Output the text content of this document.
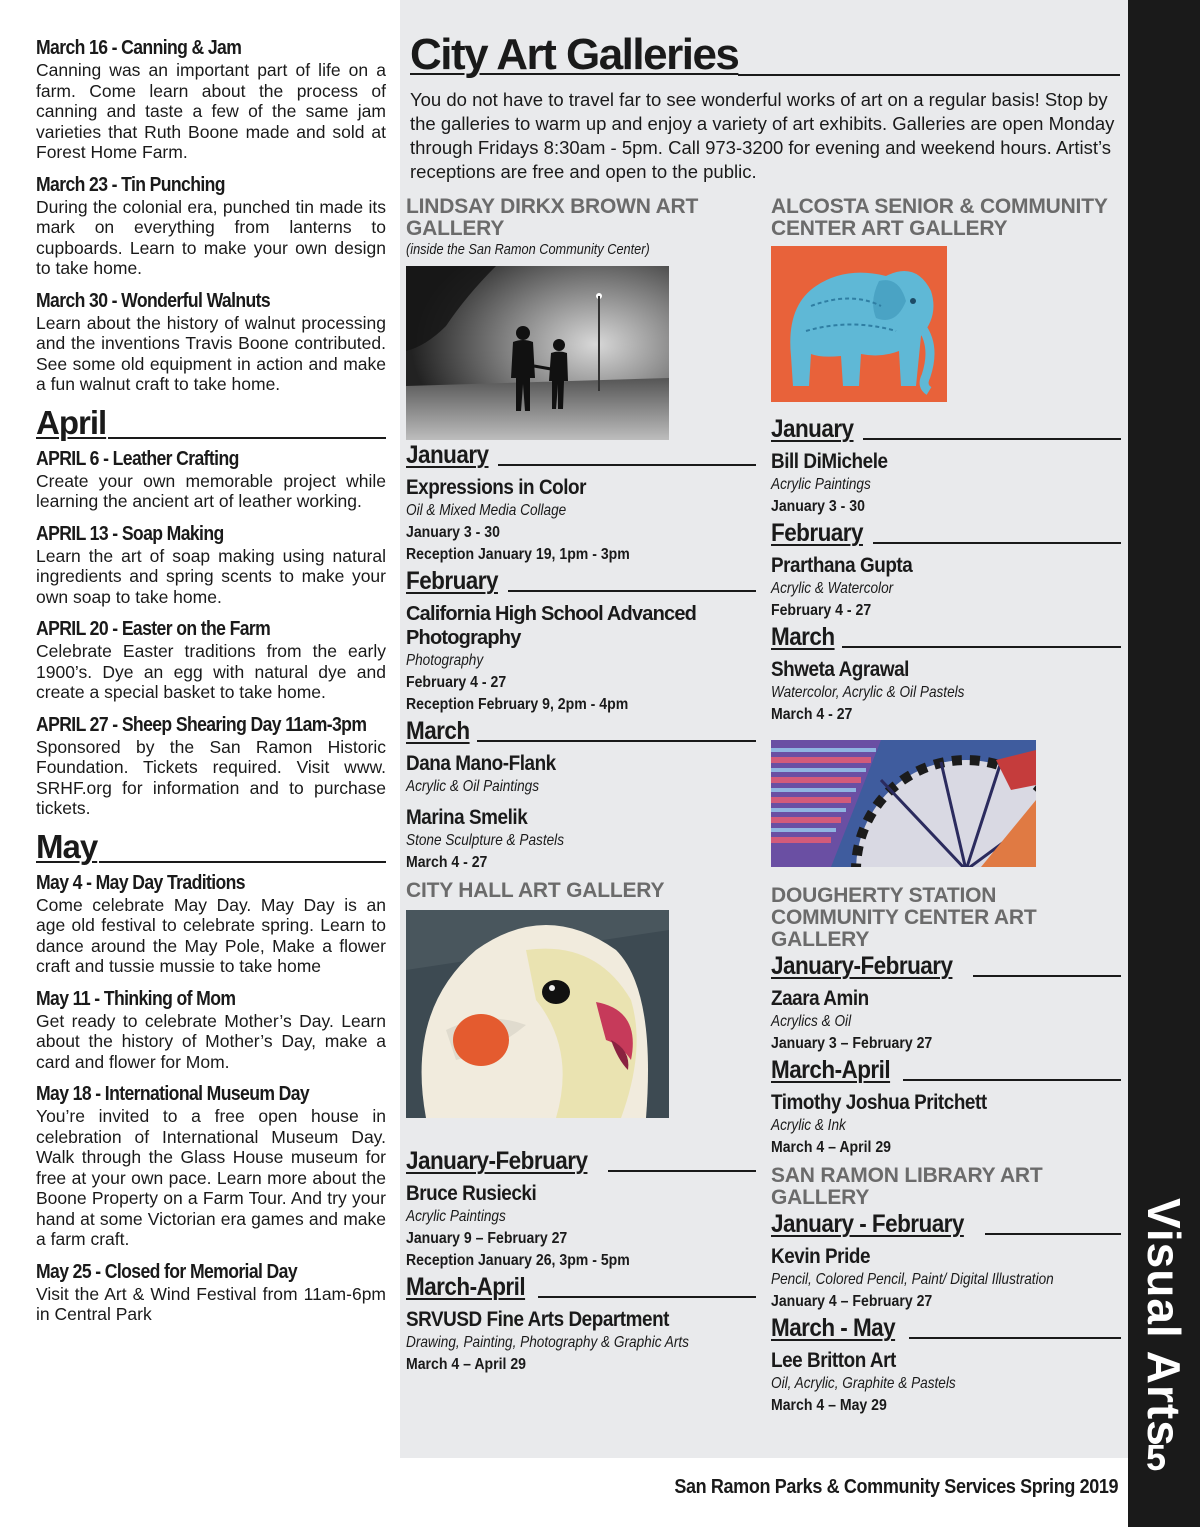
March 16 - Canning & Jam
Canning was an important part of life on a farm. Come learn about the process of canning and taste a few of the same jam varieties that Ruth Boone made and sold at Forest Home Farm.
March 23 - Tin Punching
During the colonial era, punched tin made its mark on everything from lanterns to cupboards. Learn to make your own design to take home.
March 30 - Wonderful Walnuts
Learn about the history of walnut processing and the inventions Travis Boone contributed. See some old equipment in action and make a fun walnut craft to take home.
April
APRIL 6 - Leather Crafting
Create your own memorable project while learning the ancient art of leather working.
APRIL 13 - Soap Making
Learn the art of soap making using natural ingredients and spring scents to make your own soap to take home.
APRIL 20 - Easter on the Farm
Celebrate Easter traditions from the early 1900’s. Dye an egg with natural dye and create a special basket to take home.
APRIL 27 - Sheep Shearing Day 11am-3pm
Sponsored by the San Ramon Historic Foundation. Tickets required. Visit www. SRHF.org for information and to purchase tickets.
May
May 4 - May Day Traditions
Come celebrate May Day. May Day is an age old festival to celebrate spring. Learn to dance around the May Pole, Make a flower craft and tussie mussie to take home
May 11 - Thinking of Mom
Get ready to celebrate Mother’s Day. Learn about the history of Mother’s Day, make a card and flower for Mom.
May 18 - International Museum Day
You’re invited to a free open house in celebration of International Museum Day. Walk through the Glass House museum for free at your own pace. Learn more about the Boone Property on a Farm Tour. And try your hand at some Victorian era games and make a farm craft.
May 25 - Closed for Memorial Day
Visit the Art & Wind Festival from 11am-6pm in Central Park
City Art Galleries
You do not have to travel far to see wonderful works of art on a regular basis! Stop by the galleries to warm up and enjoy a variety of art exhibits. Galleries are open Monday through Fridays 8:30am - 5pm. Call 973-3200 for evening and weekend hours. Artist’s receptions are free and open to the public.
LINDSAY DIRKX BROWN ART GALLERY
(inside the San Ramon Community Center)
January
Expressions in Color
Oil & Mixed Media Collage
January 3 - 30
Reception January 19, 1pm - 3pm
February
California High School Advanced Photography
Photography
February 4 - 27
Reception February 9, 2pm - 4pm
March
Dana Mano-Flank
Acrylic & Oil Paintings
Marina Smelik
Stone Sculpture & Pastels
March 4 - 27
CITY HALL ART GALLERY
January-February
Bruce Rusiecki
Acrylic Paintings
January 9 – February 27
Reception January 26, 3pm - 5pm
March-April
SRVUSD Fine Arts Department
Drawing, Painting, Photography & Graphic Arts
March 4 – April 29
ALCOSTA SENIOR & COMMUNITY CENTER ART GALLERY
January
Bill DiMichele
Acrylic Paintings
January 3 - 30
February
Prarthana Gupta
Acrylic & Watercolor
February 4 - 27
March
Shweta Agrawal
Watercolor, Acrylic & Oil Pastels
March 4 - 27
DOUGHERTY STATION COMMUNITY CENTER ART GALLERY
January-February
Zaara Amin
Acrylics & Oil
January 3 – February 27
March-April
Timothy Joshua Pritchett
Acrylic & Ink
March 4 – April 29
SAN RAMON LIBRARY ART GALLERY
January - February
Kevin Pride
Pencil, Colored Pencil, Paint/ Digital Illustration
January 4 – February 27
March - May
Lee Britton Art
Oil, Acrylic, Graphite & Pastels
March 4 – May 29	Visual Arts
5
San Ramon Parks & Community Services Spring 2019
